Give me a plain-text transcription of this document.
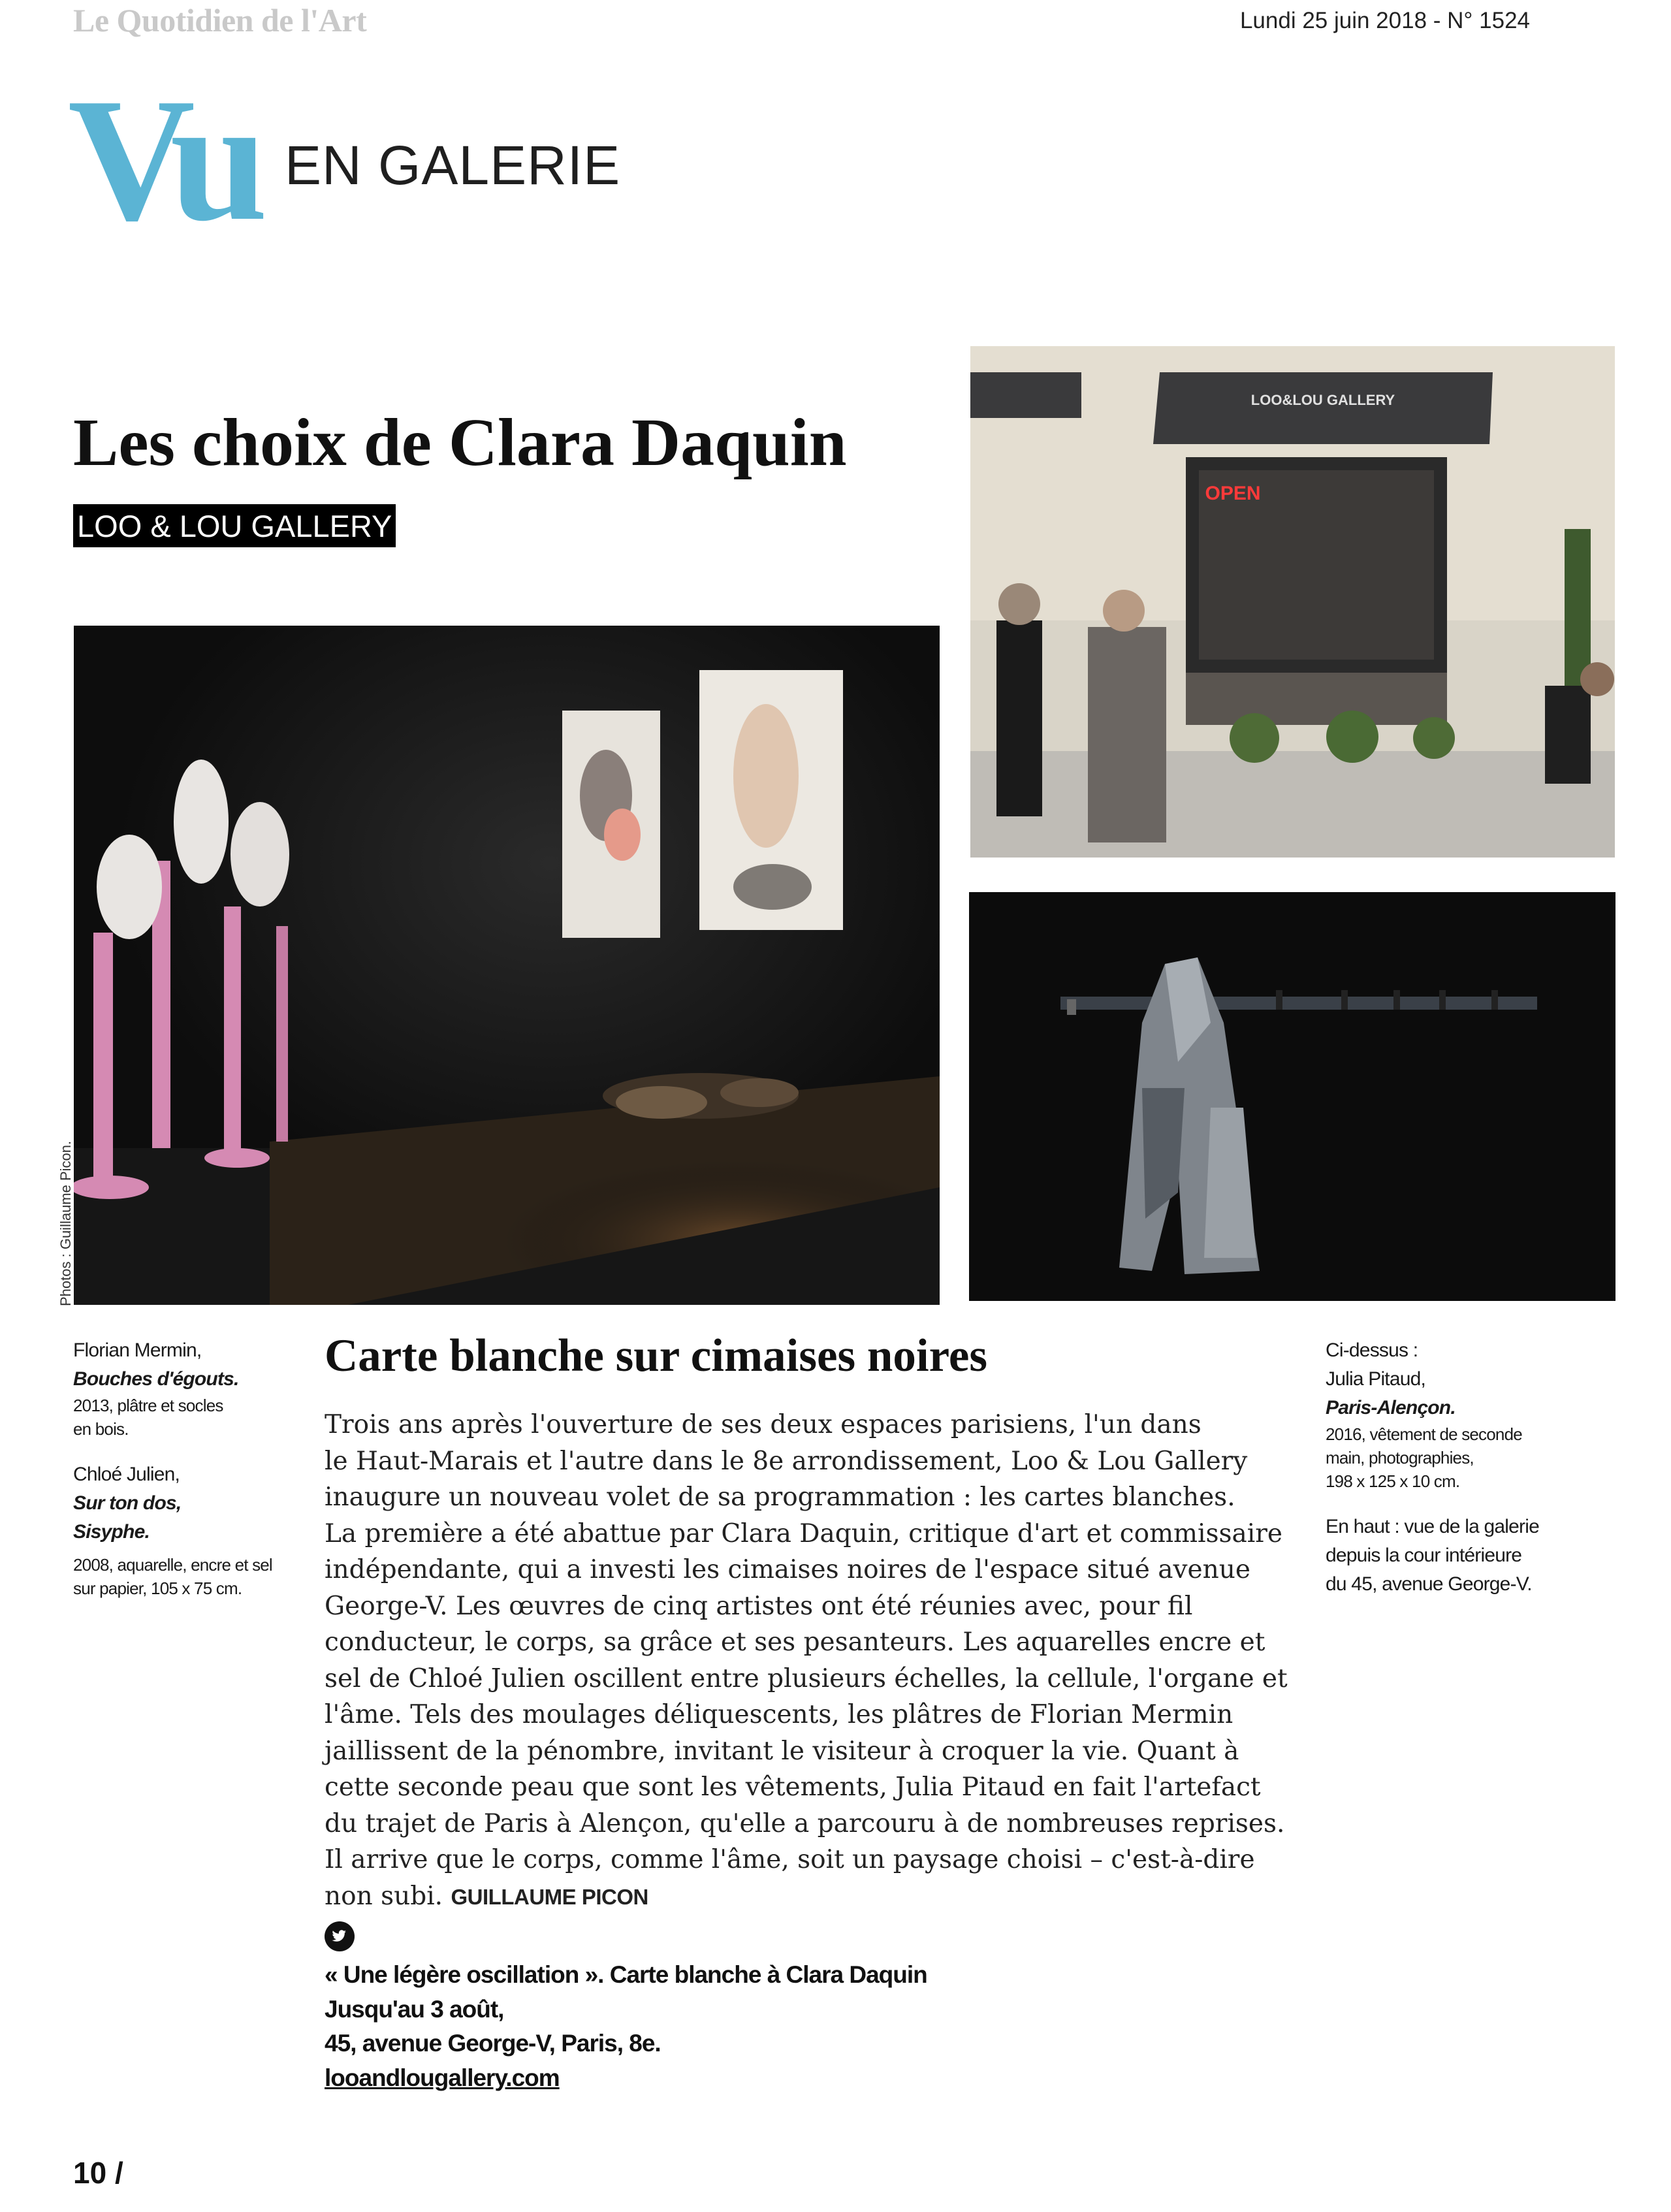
Le Quotidien de l'Art	Lundi 25 juin 2018 - N° 1524
Vu EN GALERIE
Les choix de Clara Daquin
LOO & LOU GALLERY
LOO&LOU GALLERY
OPEN
Photos : Guillaume Picon.
Florian Mermin,
Bouches d'égouts.
2013, plâtre et socles
en bois.
Chloé Julien,
Sur ton dos,
Sisyphe.
2008, aquarelle, encre et sel
sur papier, 105 x 75 cm.
Ci-dessus :
Julia Pitaud,
Paris-Alençon.
2016, vêtement de seconde
main, photographies,
198 x 125 x 10 cm.
En haut : vue de la galerie
depuis la cour intérieure
du 45, avenue George-V.
Carte blanche sur cimaises noires
Trois ans après l'ouverture de ses deux espaces parisiens, l'un dans
le Haut-Marais et l'autre dans le 8e arrondissement, Loo & Lou Gallery
inaugure un nouveau volet de sa programmation : les cartes blanches.
La première a été abattue par Clara Daquin, critique d'art et commissaire
indépendante, qui a investi les cimaises noires de l'espace situé avenue
George-V. Les œuvres de cinq artistes ont été réunies avec, pour fil
conducteur, le corps, sa grâce et ses pesanteurs. Les aquarelles encre et
sel de Chloé Julien oscillent entre plusieurs échelles, la cellule, l'organe et
l'âme. Tels des moulages déliquescents, les plâtres de Florian Mermin
jaillissent de la pénombre, invitant le visiteur à croquer la vie. Quant à
cette seconde peau que sont les vêtements, Julia Pitaud en fait l'artefact
du trajet de Paris à Alençon, qu'elle a parcouru à de nombreuses reprises.
Il arrive que le corps, comme l'âme, soit un paysage choisi – c'est-à-dire
non subi. GUILLAUME PICON
« Une légère oscillation ». Carte blanche à Clara Daquin
Jusqu'au 3 août,
45, avenue George-V, Paris, 8e.
looandlougallery.com
10 /
